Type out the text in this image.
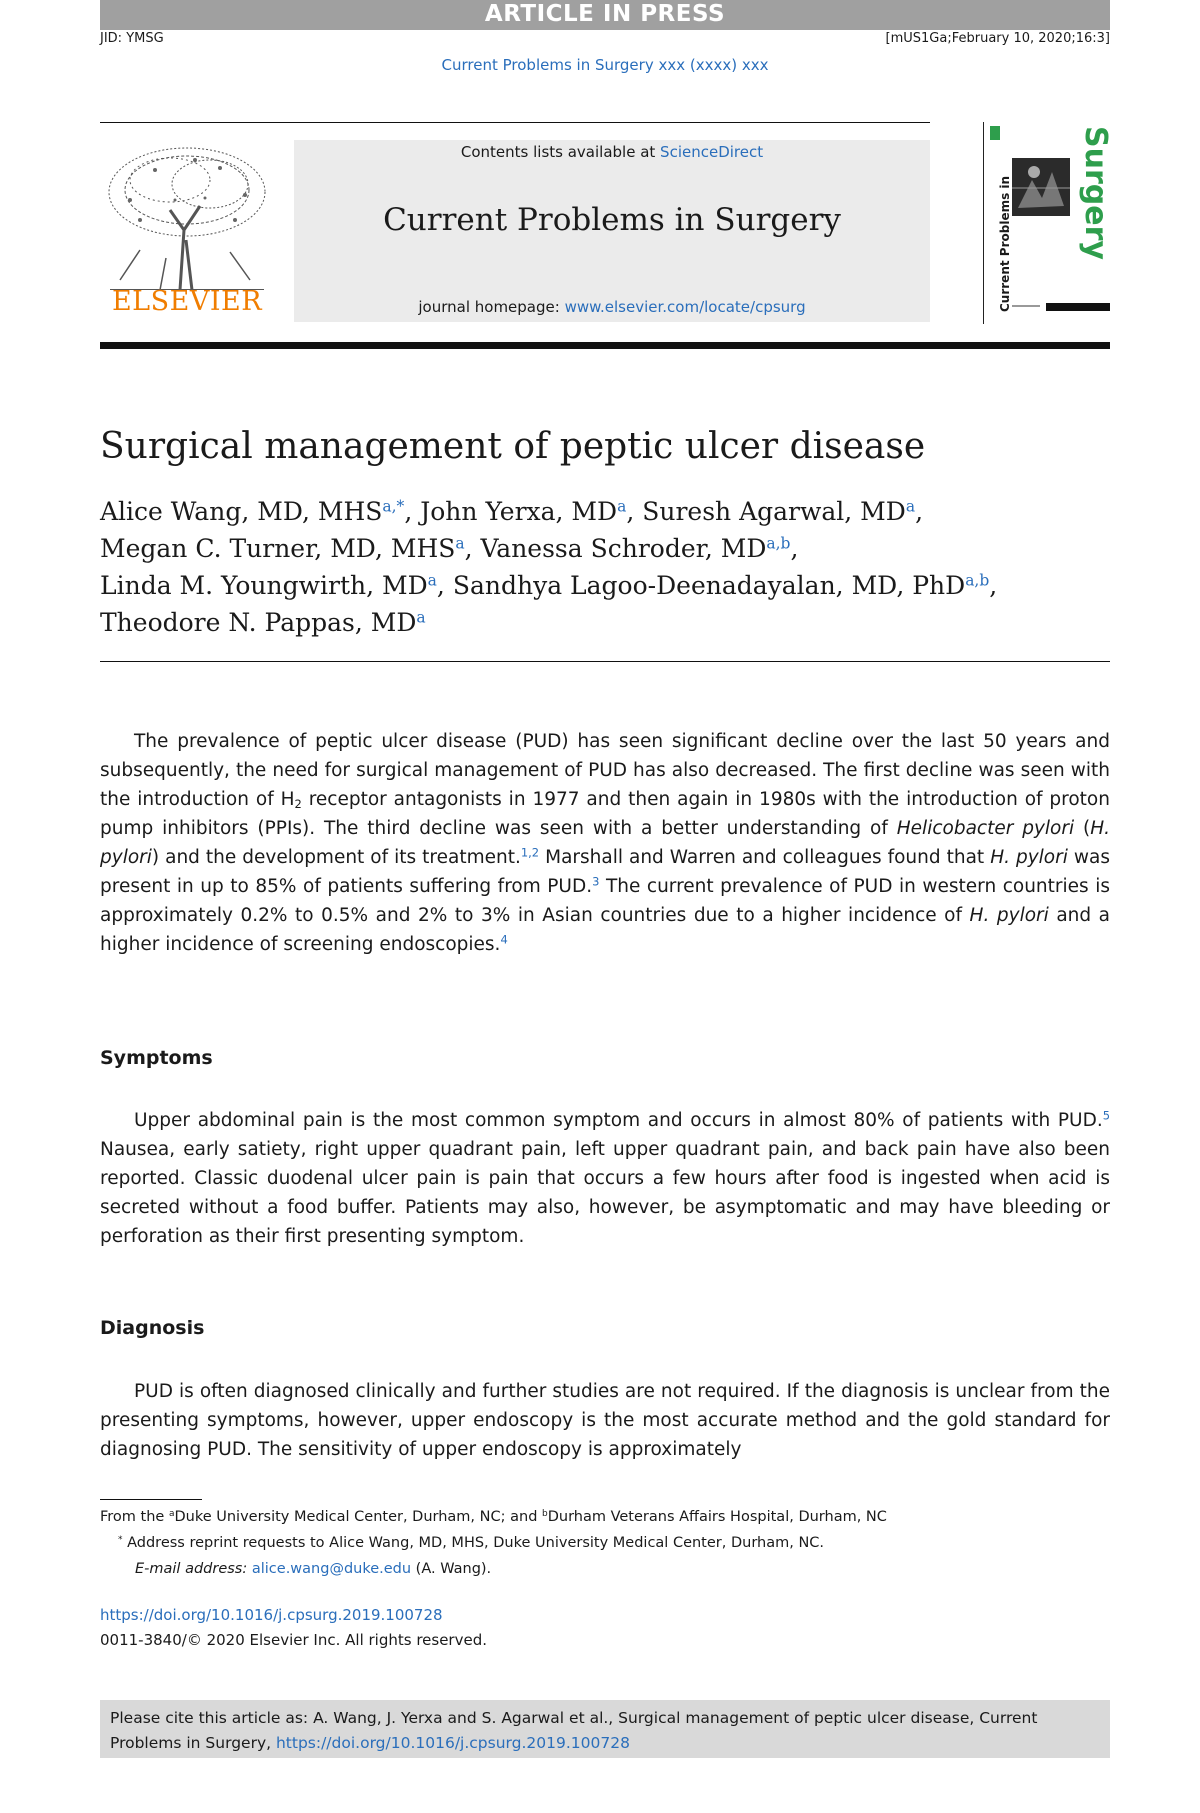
ARTICLE IN PRESS
JID: YMSG	[mUS1Ga;February 10, 2020;16:3]
Current Problems in Surgery xxx (xxxx) xxx
ELSEVIER
Contents lists available at ScienceDirect
Current Problems in Surgery
journal homepage: www.elsevier.com/locate/cpsurg	Current Problems in Surgery
Surgical management of peptic ulcer disease
Alice Wang, MD, $MHS^{a,*}$, John Yerxa, $MD^a$, Suresh Agarwal, $MD^a$,
Megan C. Turner, MD, MHS$^a$, Vanessa Schroder, MD$^{a,b}$,
Linda M. Youngwirth, $MD^a$, Sandhya Lagoo-Deenadayalan, MD, PhD$^{a,b}$, Theodore N. Pappas, $MD^a$
The prevalence of peptic ulcer disease (PUD) has seen significant decline over the last 50 years and subsequently, the need for surgical management of PUD has also decreased. The first decline was seen with the introduction of $H_2$ receptor antagonists in 1977 and then again in 1980s with the introduction of proton pump inhibitors (PPIs). The third decline was seen with a better understanding of Helicobacter pylori (H. pylori) and the development of its treatment.$^{1,2}$ Marshall and Warren and colleagues found that H. pylori was present in up to 85% of patients suffering from PUD.$^3$ The current prevalence of PUD in western countries is approximately 0.2% to 0.5% and 2% to 3% in Asian countries due to a higher incidence of H. pylori and a higher incidence of screening endoscopies.$^4$
Symptoms
Upper abdominal pain is the most common symptom and occurs in almost 80% of patients with PUD.$^5$ Nausea, early satiety, right upper quadrant pain, left upper quadrant pain, and back pain have also been reported. Classic duodenal ulcer pain is pain that occurs a few hours after food is ingested when acid is secreted without a food buffer. Patients may also, however, be asymptomatic and may have bleeding or perforation as their first presenting symptom.
Diagnosis
PUD is often diagnosed clinically and further studies are not required. If the diagnosis is unclear from the presenting symptoms, however, upper endoscopy is the most accurate method and the gold standard for diagnosing PUD. The sensitivity of upper endoscopy is approximately
From the $^a$Duke University Medical Center, Durham, NC; and $^b$Durham Veterans Affairs Hospital, Durham, NC
* Address reprint requests to Alice Wang, MD, MHS, Duke University Medical Center, Durham, NC.
E-mail address: alice.wang@duke.edu (A. Wang).
https://doi.org/10.1016/j.cpsurg.2019.100728
0011-3840/© 2020 Elsevier Inc. All rights reserved.
Please cite this article as: A. Wang, J. Yerxa and S. Agarwal et al., Surgical management of peptic ulcer disease, Current Problems in Surgery, https://doi.org/10.1016/j.cpsurg.2019.100728
